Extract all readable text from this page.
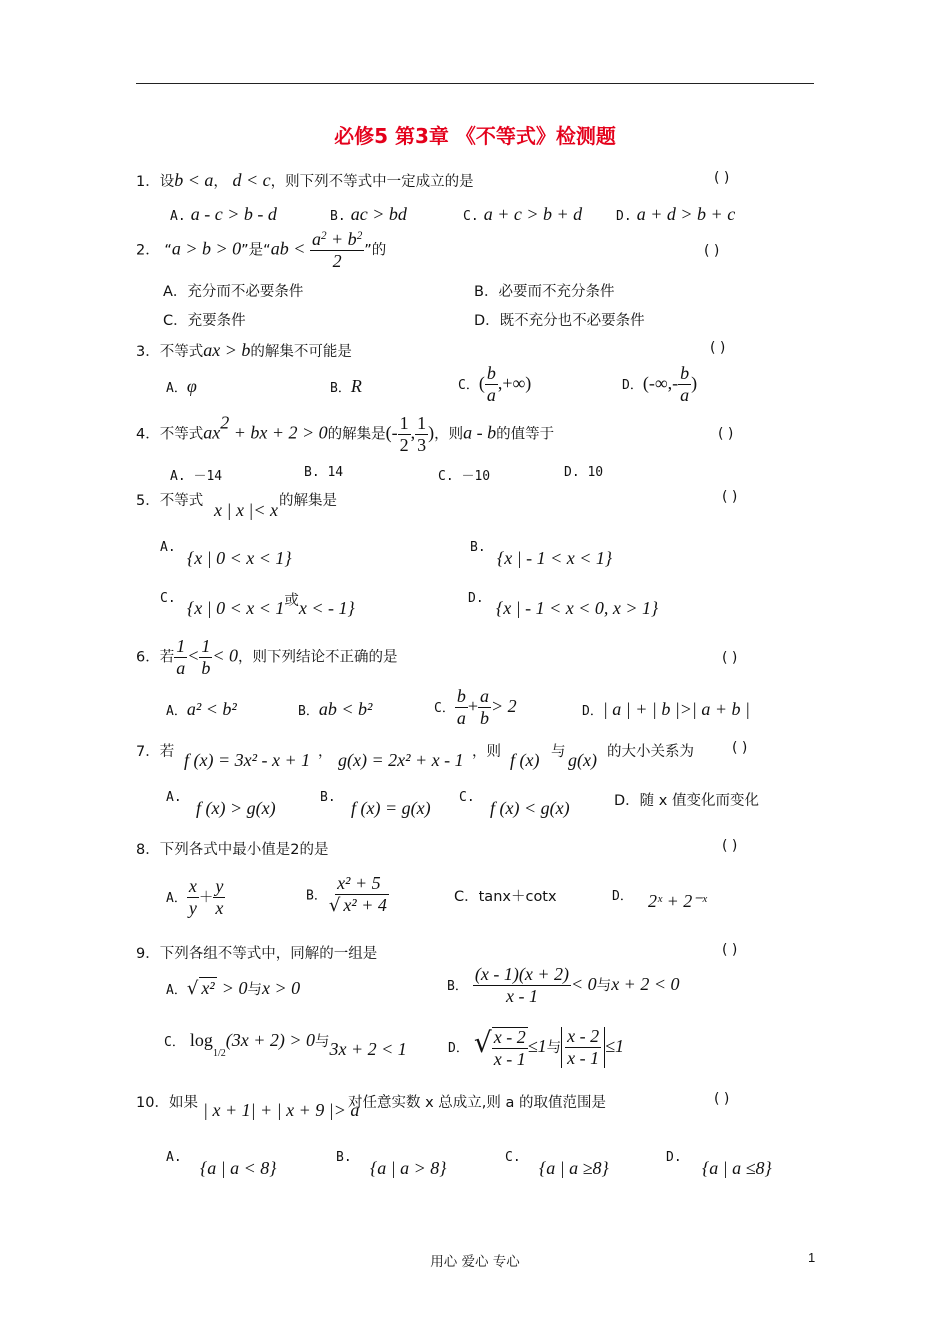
必修5 第3章 《不等式》检测题
1．设b < a， d < c，则下列不等式中一定成立的是	( )
A. a - c > b - d	B. ac > bd	C. a + c > b + d	D. a + d > b + c
2． “a > b > 0”是“ab < $\frac{a^2 + b^2}{2}$ ”的	( )
A．充分而不必要条件	B．必要而不充分条件
C．充要条件	D．既不充分也不必要条件
3．不等式ax > b的解集不可能是	( )
A．φ	B．R	C．( $\frac{b}{a}$ ,+∞)	D．(-∞,- $\frac{b}{a}$ )
4．不等式$ax^2$ + bx + 2 > 0的解集是(- $\frac{1}{2}$ , $\frac{1}{3}$ )，则a - b的值等于	( )
A. －14	B. 14	C. －10	D. 10
5．不等式 x | x |< x 的解集是	( )
A.
{x | 0 < x < 1}
B.
{x | - 1 < x < 1}
C. {x | 0 < x < 1或x < - 1}	D. {x | - 1 < x < 0, x > 1}
6．若 $\frac{1}{a} < \frac{1}{b} < 0$，则下列结论不正确的是	( )
A．a² < b²	B．ab < b²	C． $\frac{b}{a} + \frac{a}{b} > 2$	D．| a | + | b |>| a + b |
7．若 f (x) = 3x² - x + 1 ， g(x) = 2x² + x - 1 ，则 f (x) 与 g(x) 的大小关系为	( )
A.
f (x) > g(x)
B.
f (x) = g(x)
C.
f (x) < g(x)	D．随 x 值变化而变化
8．下列各式中最小值是2的是	( )
A． $\frac{x}{y} + \frac{y}{x}$	B． $\frac{\text{x² + 5}}{\text{√ x² + 4}}$	C．tanx＋cotx	D． 2ˣ + 2⁻ˣ
9．下列各组不等式中，同解的一组是	( )
A．√ x² > 0与x > 0	B． $\frac{(x - 1)(x + 2)}{x - 1} < 0$与x + 2 < 0
C． $\log_{1/2}(3x + 2) > 0$与3x + 2 < 1	D． √ $\frac{x - 2}{x - 1} \le 1$与 $\frac{x - 2}{x - 1} \le 1$
10．如果 | x + 1| + | x + 9 |> a
对任意实数 x 总成立,则 a 的取值范围是	( )
A.
{a | a < 8}
B.
{a | a > 8}
C.
{a | a ≥8}
D.
{a | a ≤8}
用心 爱心 专心	1
